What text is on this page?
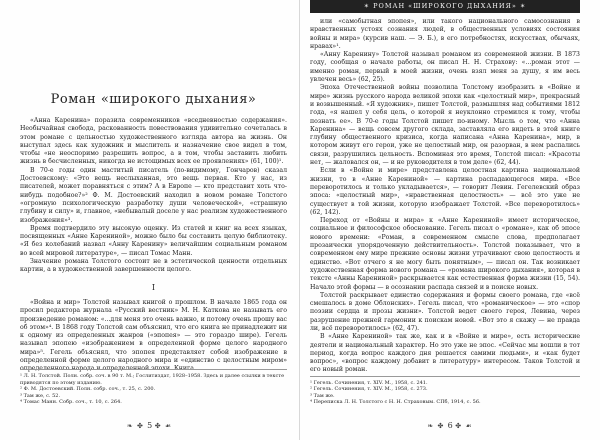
Роман «широкого дыхания»

«Анна Каренина» поразила современников «вседневностью содержания». Необычайная свобода, раскованность повествования удивительно сочеталась в этом романе с цельностью художественного взгляда автора на жизнь. Он выступал здесь как художник и мыслитель и назначение свое видел в том, чтобы «не неоспоримо разрешить вопрос, а в том, чтобы заставить любить жизнь в бесчисленных, никогда не истощимых всех ее проявлениях» (61, 100)¹.

В 70-е годы один маститый писатель (по-видимому, Гончаров) сказал Достоевскому: «Это вещь неслыханная, это вещь первая. Кто у нас, из писателей, может поравняться с этим? А в Европе — кто представит хоть что-нибудь подобное?»² Ф. М. Достоевский находил в новом романе Толстого «огромную психологическую разработку души человеческой», «страшную глубину и силу» и, главное, «небывалый доселе у нас реализм художественного изображения»³.

Время подтвердило эту высокую оценку. Из статей и книг на всех языках, посвященных «Анне Карениной», можно было бы составить целую библиотеку. «Я без колебаний назвал «Анну Каренину» величайшим социальным романом во всей мировой литературе», — писал Томас Манн.

Значение романа Толстого состоит не в эстетической ценности отдельных картин, а в художественной завершенности целого.

I

«Война и мир» Толстой называл книгой о прошлом. В начале 1865 года он просил редактора журнала «Русский вестник» М. Н. Каткова не называть его произведение романом: «...для меня это очень важно, и потому очень прошу вас об этом»⁴. В 1868 году Толстой сам объяснил, что его книга не принадлежит ни к одному из определенных жанров («эпопея» — это гораздо шире). Гегель называл эпопею «изображением в определенной форме целого народного мира»⁵. Гегель объяснял, что эпопея представляет собой изображение в определенной форме целого народного мира и «единство с целостным миром» определенного народа и определенной эпохи. Книга...

¹ Л. Н. Толстой. Полн. собр. соч. в 90 т. М.; Гослитиздат, 1928–1958. Здесь и далее ссылки в тексте приводятся по этому изданию.
² Ф. М. Достоевский. Полн. собр. соч., т. 25, с. 200.
³ Там же, с. 52.
⁴ Томас Манн. Собр. соч., т. 10, с. 264.
❧ ✤ 5 ✤ ☙
✶ РОМАН «ШИРОКОГО ДЫХАНИЯ» ✶

или «самобытная эпопея», или такого национального самосознания в нравственных устоях сознания людей, в общественных условиях состояния войны и мира» (курсив наш. — Э. Б.), в его потребностях, искусствах, обычаях, нравах»¹.

«Анну Каренину» Толстой называл романом из современной жизни. В 1873 году, сообщая о начале работы, он писал Н. Н. Страхову: «...роман этот — именно роман, первый в моей жизни, очень взял меня за душу, я им весь увлечен весь» (62, 25).

Эпоха Отечественной войны позволила Толстому изобразить в «Войне и мире» жизнь русского народа великой эпохи как «целостный мир», прекрасный и возвышенный. «Я художник», пишет Толстой, размышляя над событиями 1812 года, «я нашел у себя цель, о которой я неуклонно стремился к тому, чтобы познать ее». В 70-е годы Толстой пишет по-иному. Мысль о том, что «Анна Каренина» — вещь совсем другого склада, заставляла его видеть в этой книге глубину общественного кризиса, когда написана «Анна Каренина», мир, в котором живут его герои, уже не целостный мир, он разорван, в нем распались связи, разрушились цельность. Вспоминая это время, Толстой писал: «Красоты нет, — жаловался он, — и не руководителя в том деле» (62, 44).

Если в «Войне и мире» представлена целостная картина национальной жизни, то в «Анне Карениной» — картина распадающегося мира. «Все переворотилось и только укладывается», — говорит Левин. Гегелевский образ эпоса: «целостный мир», «нравственная целостность» — всё это уже не существует в той жизни, которую изображает Толстой. «Все переворотилось» (62, 142).

Переход от «Войны и мира» к «Анне Карениной» имеет историческое, социальное и философское обоснование. Гегель писал о «романе», как об эпосе нового времени: «Роман, в современном смысле слова, предполагает прозаически упорядоченную действительность». Толстой показывает, что в современном ему мире прежние основы жизни утрачивают свою целостность и единство. «Вот отчего я не могу быть понятным», — писал он. Так возникает художественная форма нового романа — «романа широкого дыхания», которая в тексте «Анны Карениной» раскрывается как естественная форма жизни (15, 54). Начало этой формы — в осознании распада связей и в поиске новых.

Толстой раскрывает единство содержания и формы своего романа, где «всё смешалось в доме Облонских». Гегель писал, что «романическое» — это «спор поэзии сердца и прозы жизни». Толстой ведет своего героя, Левина, через разрушение прежней гармонии к поискам новой. «Вот это я скажу — не правда ли, всё переворотилось» (62, 47).

В «Анне Карениной» так же, как и в «Войне и мире», есть исторические деятели и национальный характер. Но это уже не эпос. «Сейчас мы вошли в тот период, когда вопрос каждого дня решается самими людьми», и «как будет вопрос», «вопрос каждому добавит в литературу» интересом. Таков Толстой и его новый роман.

¹ Гегель. Сочинения, т. XIV. М., 1958, с. 241.
² Гегель. Сочинения, т. XIV. М., 1958, с. 273.
³ Там же.
⁴ Переписка Л. Н. Толстого с Н. Н. Страховым. СПб, 1914, с. 56.
❧ ✤ 6 ✤ ☙
